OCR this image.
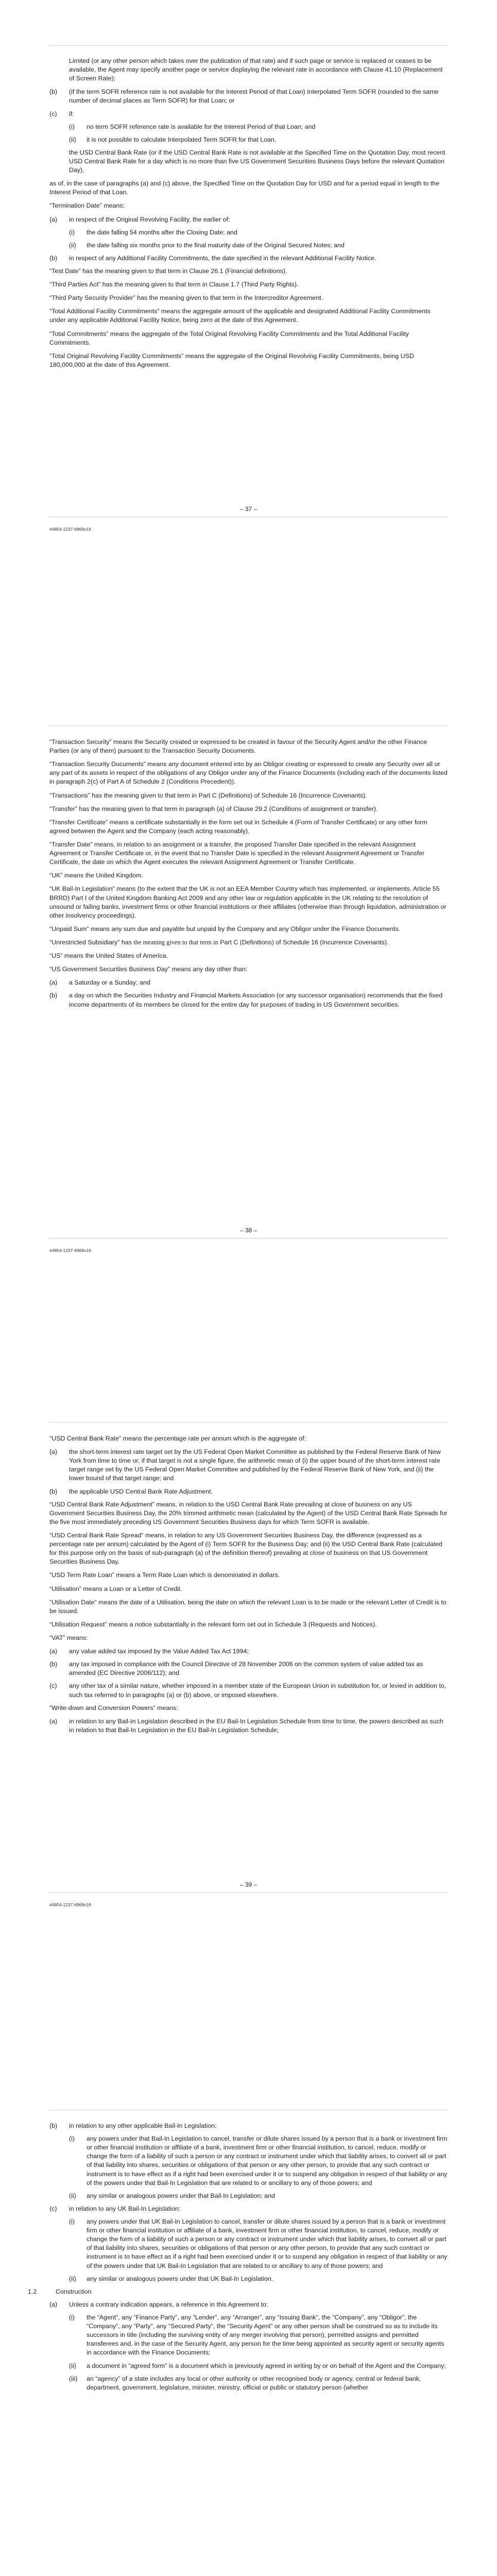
Limited (or any other person which takes over the publication of that rate) and if such page or service is replaced or ceases to be available, the Agent may specify another page or service displaying the relevant rate in accordance with Clause 41.10 (Replacement of Screen Rate);

(b)	(if the term SOFR reference rate is not available for the Interest Period of that Loan) Interpolated Term SOFR (rounded to the same number of decimal places as Term SOFR) for that Loan; or
(c)	if:
(i)	no term SOFR reference rate is available for the Interest Period of that Loan; and
(ii)	it is not possible to calculate Interpolated Term SOFR for that Loan,

the USD Central Bank Rate (or if the USD Central Bank Rate is not available at the Specified Time on the Quotation Day, most recent USD Central Bank Rate for a day which is no more than five US Government Securities Business Days before the relevant Quotation Day),

as of, in the case of paragraphs (a) and (c) above, the Specified Time on the Quotation Day for USD and for a period equal in length to the Interest Period of that Loan.

“Termination Date” means:

(a)	in respect of the Original Revolving Facility, the earlier of:
(i)	the date falling 54 months after the Closing Date; and
(ii)	the date falling six months prior to the final maturity date of the Original Secured Notes; and
(b)	in respect of any Additional Facility Commitments, the date specified in the relevant Additional Facility Notice.

“Test Date” has the meaning given to that term in Clause 26.1 (Financial definitions).

“Third Parties Act” has the meaning given to that term in Clause 1.7 (Third Party Rights).

“Third Party Security Provider” has the meaning given to that term in the Intercreditor Agreement.

“Total Additional Facility Commitments” means the aggregate amount of the applicable and designated Additional Facility Commitments under any applicable Additional Facility Notice, being zero at the date of this Agreement.

“Total Commitments” means the aggregate of the Total Original Revolving Facility Commitments and the Total Additional Facility Commitments.

“Total Original Revolving Facility Commitments” means the aggregate of the Original Revolving Facility Commitments, being USD 180,000,000 at the date of this Agreement.

– 37 –
#4854-1237-6969v16

“Transaction Security” means the Security created or expressed to be created in favour of the Security Agent and/or the other Finance Parties (or any of them) pursuant to the Transaction Security Documents.

“Transaction Security Documents” means any document entered into by an Obligor creating or expressed to create any Security over all or any part of its assets in respect of the obligations of any Obligor under any of the Finance Documents (including each of the documents listed in paragraph 2(c) of Part A of Schedule 2 (Conditions Precedent)).

“Transactions” has the meaning given to that term in Part C (Definitions) of Schedule 16 (Incurrence Covenants).

“Transfer” has the meaning given to that term in paragraph (a) of Clause 29.2 (Conditions of assignment or transfer).

“Transfer Certificate” means a certificate substantially in the form set out in Schedule 4 (Form of Transfer Certificate) or any other form agreed between the Agent and the Company (each acting reasonably).

“Transfer Date” means, in relation to an assignment or a transfer, the proposed Transfer Date specified in the relevant Assignment Agreement or Transfer Certificate or, in the event that no Transfer Date is specified in the relevant Assignment Agreement or Transfer Certificate, the date on which the Agent executes the relevant Assignment Agreement or Transfer Certificate.

“UK” means the United Kingdom.

“UK Bail-In Legislation” means (to the extent that the UK is not an EEA Member Country which has implemented, or implements, Article 55 BRRD) Part I of the United Kingdom Banking Act 2009 and any other law or regulation applicable in the UK relating to the resolution of unsound or failing banks, investment firms or other financial institutions or their affiliates (otherwise than through liquidation, administration or other insolvency proceedings).

“Unpaid Sum” means any sum due and payable but unpaid by the Company and any Obligor under the Finance Documents.

“Unrestricted Subsidiary” has the meaning given to that term in Part C (Definitions) of Schedule 16 (Incurrence Covenants).

“US” means the United States of America.

“US Government Securities Business Day” means any day other than:

(a)	a Saturday or a Sunday; and
(b)	a day on which the Securities Industry and Financial Markets Association (or any successor organisation) recommends that the fixed income departments of its members be closed for the entire day for purposes of trading in US Government securities.
– 38 –
#4854-1237-6969v16

“USD Central Bank Rate” means the percentage rate per annum which is the aggregate of:

(a)	the short-term interest rate target set by the US Federal Open Market Committee as published by the Federal Reserve Bank of New York from time to time or, if that target is not a single figure, the arithmetic mean of (i) the upper bound of the short-term interest rate target range set by the US Federal Open Market Committee and published by the Federal Reserve Bank of New York, and (ii) the lower bound of that target range; and
(b)	the applicable USD Central Bank Rate Adjustment.

“USD Central Bank Rate Adjustment” means, in relation to the USD Central Bank Rate prevailing at close of business on any US Government Securities Business Day, the 20% trimmed arithmetic mean (calculated by the Agent) of the USD Central Bank Rate Spreads for the five most immediately preceding US Government Securities Business days for which Term SOFR is available.

“USD Central Bank Rate Spread” means, in relation to any US Government Securities Business Day, the difference (expressed as a percentage rate per annum) calculated by the Agent of (i) Term SOFR for the Business Day; and (ii) the USD Central Bank Rate (calculated for this purpose only on the basis of sub-paragraph (a) of the definition thereof) prevailing at close of business on that US Government Securities Business Day.

“USD Term Rate Loan” means a Term Rate Loan which is denominated in dollars.

“Utilisation” means a Loan or a Letter of Credit.

“Utilisation Date” means the date of a Utilisation, being the date on which the relevant Loan is to be made or the relevant Letter of Credit is to be issued.

“Utilisation Request” means a notice substantially in the relevant form set out in Schedule 3 (Requests and Notices).

“VAT” means:

(a)	any value added tax imposed by the Value Added Tax Act 1994;
(b)	any tax imposed in compliance with the Council Directive of 28 November 2006 on the common system of value added tax as amended (EC Directive 2006/112); and
(c)	any other tax of a similar nature, whether imposed in a member state of the European Union in substitution for, or levied in addition to, such tax referred to in paragraphs (a) or (b) above, or imposed elsewhere.

“Write-down and Conversion Powers” means:

(a)	in relation to any Bail-In Legislation described in the EU Bail-In Legislation Schedule from time to time, the powers described as such in relation to that Bail-In Legislation in the EU Bail-In Legislation Schedule;
– 39 –
#4854-1237-6969v16
(b)	in relation to any other applicable Bail-In Legislation:
(i)	any powers under that Bail-In Legislation to cancel, transfer or dilute shares issued by a person that is a bank or investment firm or other financial institution or affiliate of a bank, investment firm or other financial institution, to cancel, reduce, modify or change the form of a liability of such a person or any contract or instrument under which that liability arises, to convert all or part of that liability into shares, securities or obligations of that person or any other person, to provide that any such contract or instrument is to have effect as if a right had been exercised under it or to suspend any obligation in respect of that liability or any of the powers under that Bail-In Legislation that are related to or ancillary to any of those powers; and
(ii)	any similar or analogous powers under that Bail-In Legislation; and
(c)	in relation to any UK Bail-In Legislation:
(i)	any powers under that UK Bail-In Legislation to cancel, transfer or dilute shares issued by a person that is a bank or investment firm or other financial institution or affiliate of a bank, investment firm or other financial institution, to cancel, reduce, modify or change the form of a liability of such a person or any contract or instrument under which that liability arises, to convert all or part of that liability into shares, securities or obligations of that person or any other person, to provide that any such contract or instrument is to have effect as if a right had been exercised under it or to suspend any obligation in respect of that liability or any of the powers under that UK Bail-In Legislation that are related to or ancillary to any of those powers; and
(ii)	any similar or analogous powers under that UK Bail-In Legislation.
1.2	Construction
(a)	Unless a contrary indication appears, a reference in this Agreement to:
(i)	the “Agent”, any “Finance Party”, any “Lender”, any “Arranger”, any “Issuing Bank”, the “Company”, any “Obligor”, the “Company”, any “Party”, any “Secured Party”, the “Security Agent” or any other person shall be construed so as to include its successors in title (including the surviving entity of any merger involving that person), permitted assigns and permitted transferees and, in the case of the Security Agent, any person for the time being appointed as security agent or security agents in accordance with the Finance Documents;
(ii)	a document in “agreed form” is a document which is previously agreed in writing by or on behalf of the Agent and the Company;
(iii)	an “agency” of a state includes any local or other authority or other recognised body or agency, central or federal bank, department, government, legislature, minister, ministry, official or public or statutory person (whether
